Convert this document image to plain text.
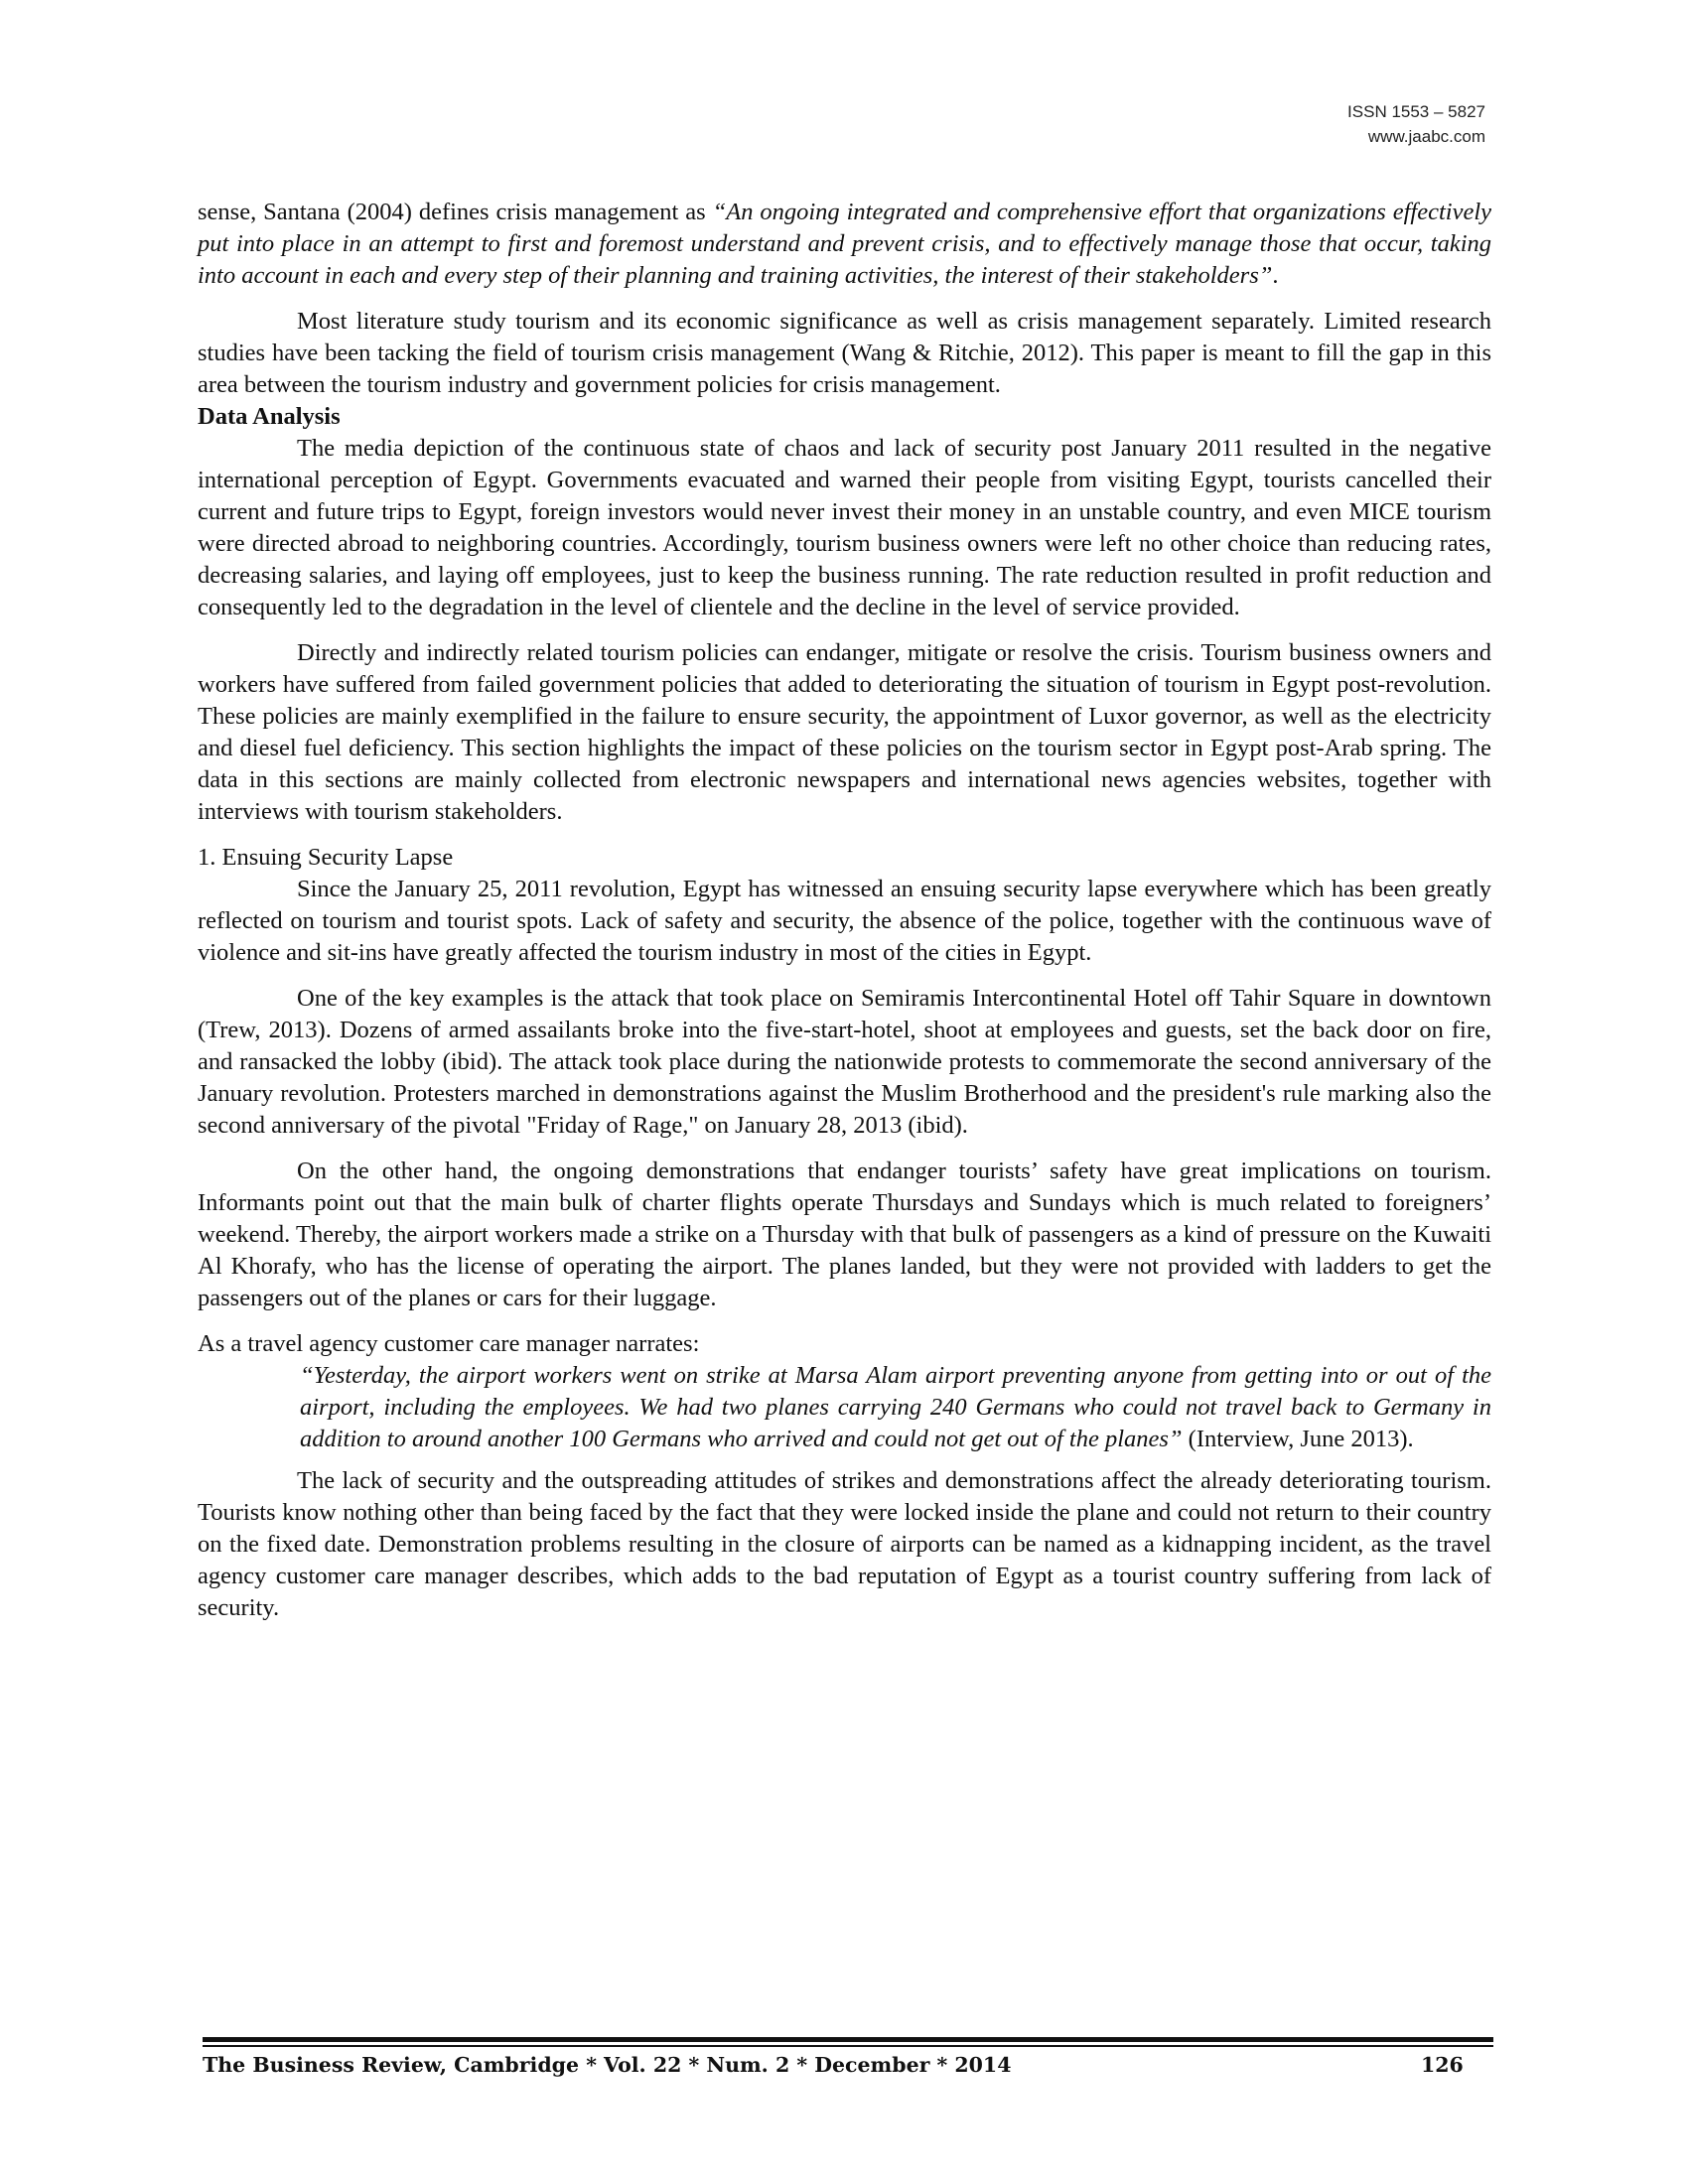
ISSN 1553 – 5827
www.jaabc.com

sense, Santana (2004) defines crisis management as “An ongoing integrated and comprehensive effort that organizations effectively put into place in an attempt to first and foremost understand and prevent crisis, and to effectively manage those that occur, taking into account in each and every step of their planning and training activities, the interest of their stakeholders”.

Most literature study tourism and its economic significance as well as crisis management separately. Limited research studies have been tacking the field of tourism crisis management (Wang & Ritchie, 2012). This paper is meant to fill the gap in this area between the tourism industry and government policies for crisis management.

Data Analysis

The media depiction of the continuous state of chaos and lack of security post January 2011 resulted in the negative international perception of Egypt. Governments evacuated and warned their people from visiting Egypt, tourists cancelled their current and future trips to Egypt, foreign investors would never invest their money in an unstable country, and even MICE tourism were directed abroad to neighboring countries. Accordingly, tourism business owners were left no other choice than reducing rates, decreasing salaries, and laying off employees, just to keep the business running. The rate reduction resulted in profit reduction and consequently led to the degradation in the level of clientele and the decline in the level of service provided.

Directly and indirectly related tourism policies can endanger, mitigate or resolve the crisis. Tourism business owners and workers have suffered from failed government policies that added to deteriorating the situation of tourism in Egypt post-revolution. These policies are mainly exemplified in the failure to ensure security, the appointment of Luxor governor, as well as the electricity and diesel fuel deficiency. This section highlights the impact of these policies on the tourism sector in Egypt post-Arab spring. The data in this sections are mainly collected from electronic newspapers and international news agencies websites, together with interviews with tourism stakeholders.

1. Ensuing Security Lapse

Since the January 25, 2011 revolution, Egypt has witnessed an ensuing security lapse everywhere which has been greatly reflected on tourism and tourist spots. Lack of safety and security, the absence of the police, together with the continuous wave of violence and sit-ins have greatly affected the tourism industry in most of the cities in Egypt.

One of the key examples is the attack that took place on Semiramis Intercontinental Hotel off Tahir Square in downtown (Trew, 2013). Dozens of armed assailants broke into the five-start-hotel, shoot at employees and guests, set the back door on fire, and ransacked the lobby (ibid). The attack took place during the nationwide protests to commemorate the second anniversary of the January revolution. Protesters marched in demonstrations against the Muslim Brotherhood and the president's rule marking also the second anniversary of the pivotal "Friday of Rage," on January 28, 2013 (ibid).

On the other hand, the ongoing demonstrations that endanger tourists’ safety have great implications on tourism. Informants point out that the main bulk of charter flights operate Thursdays and Sundays which is much related to foreigners’ weekend. Thereby, the airport workers made a strike on a Thursday with that bulk of passengers as a kind of pressure on the Kuwaiti Al Khorafy, who has the license of operating the airport. The planes landed, but they were not provided with ladders to get the passengers out of the planes or cars for their luggage.

As a travel agency customer care manager narrates:

“Yesterday, the airport workers went on strike at Marsa Alam airport preventing anyone from getting into or out of the airport, including the employees. We had two planes carrying 240 Germans who could not travel back to Germany in addition to around another 100 Germans who arrived and could not get out of the planes” (Interview, June 2013).

The lack of security and the outspreading attitudes of strikes and demonstrations affect the already deteriorating tourism. Tourists know nothing other than being faced by the fact that they were locked inside the plane and could not return to their country on the fixed date. Demonstration problems resulting in the closure of airports can be named as a kidnapping incident, as the travel agency customer care manager describes, which adds to the bad reputation of Egypt as a tourist country suffering from lack of security.

The Business Review, Cambridge * Vol. 22 * Num. 2 * December * 2014	126
